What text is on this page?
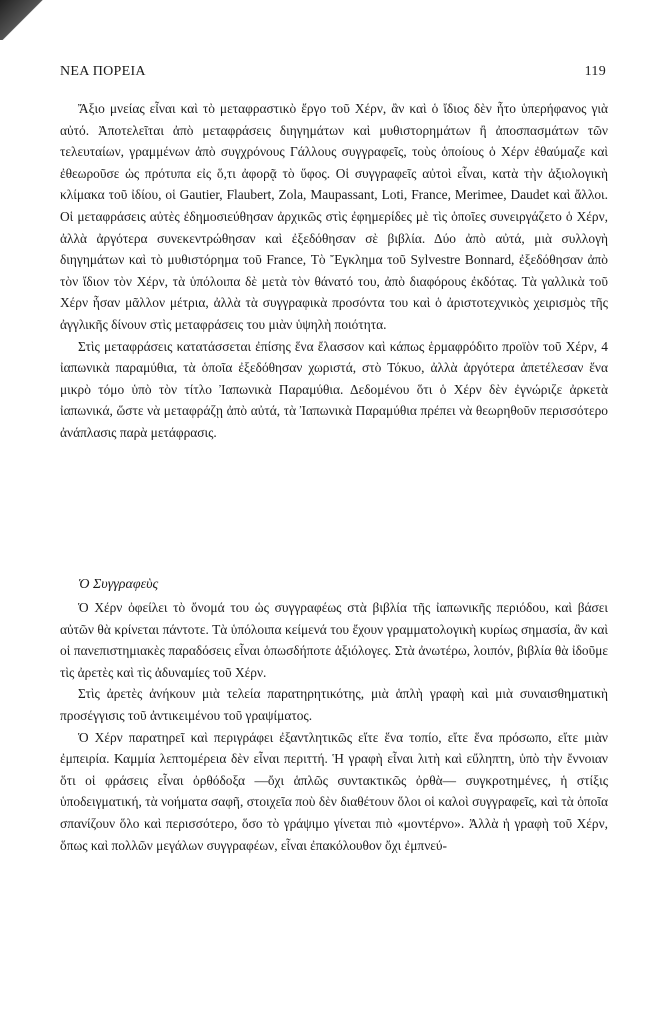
ΝΕΑ ΠΟΡΕΙΑ	119

Ἄξιο μνείας εἶναι καὶ τὸ μεταφραστικὸ ἔργο τοῦ Χέρν, ἂν καὶ ὁ ἴδιος δὲν ἦτο ὑπερήφανος γιὰ αὐτό. Ἀποτελεῖται ἀπὸ μεταφράσεις διηγημάτων καὶ μυθιστορημάτων ἢ ἀποσπασμάτων τῶν τελευταίων, γραμμένων ἀπὸ συγχρόνους Γάλλους συγγραφεῖς, τοὺς ὁποίους ὁ Χέρν ἐθαύμαζε καὶ ἐθεωροῦσε ὡς πρότυπα εἰς ὅ,τι ἀφορᾷ τὸ ὕφος. Οἱ συγγραφεῖς αὐτοὶ εἶναι, κατὰ τὴν ἀξιολογικὴ κλίμακα τοῦ ἰδίου, οἱ Gautier, Flaubert, Zola, Maupassant, Loti, France, Merimee, Daudet καὶ ἄλλοι. Οἱ μεταφράσεις αὐτὲς ἐδημοσιεύθησαν ἀρχικῶς στὶς ἐφημερίδες μὲ τὶς ὁποῖες συνειργάζετο ὁ Χέρν, ἀλλὰ ἀργότερα συνεκεντρώθησαν καὶ ἐξεδόθησαν σὲ βιβλία. Δύο ἀπὸ αὐτά, μιὰ συλλογὴ διηγημάτων καὶ τὸ μυθιστόρημα τοῦ France, Τὸ Ἔγκλημα τοῦ Sylvestre Bonnard, ἐξεδόθησαν ἀπὸ τὸν ἴδιον τὸν Χέρν, τὰ ὑπόλοιπα δὲ μετὰ τὸν θάνατό του, ἀπὸ διαφόρους ἐκδότας. Τὰ γαλλικὰ τοῦ Χέρν ἦσαν μᾶλλον μέτρια, ἀλλὰ τὰ συγγραφικὰ προσόντα του καὶ ὁ ἀριστοτεχνικὸς χειρισμὸς τῆς ἀγγλικῆς δίνουν στὶς μεταφράσεις του μιὰν ὑψηλὴ ποιότητα.

Στὶς μεταφράσεις κατατάσσεται ἐπίσης ἕνα ἔλασσον καὶ κάπως ἑρμαφρόδιτο προϊὸν τοῦ Χέρν, 4 ἰαπωνικὰ παραμύθια, τὰ ὁποῖα ἐξεδόθησαν χωριστά, στὸ Τόκυο, ἀλλὰ ἀργότερα ἀπετέλεσαν ἕνα μικρὸ τόμο ὑπὸ τὸν τίτλο Ἰαπωνικὰ Παραμύθια. Δεδομένου ὅτι ὁ Χέρν δὲν ἐγνώριζε ἀρκετὰ ἰαπωνικά, ὥστε νὰ μεταφράζῃ ἀπὸ αὐτά, τὰ Ἰαπωνικὰ Παραμύθια πρέπει νὰ θεωρηθοῦν περισσότερο ἀνάπλασις παρὰ μετάφρασις.

Ὁ Συγγραφεὺς

Ὁ Χέρν ὀφείλει τὸ ὄνομά του ὡς συγγραφέως στὰ βιβλία τῆς ἰαπωνικῆς περιόδου, καὶ βάσει αὐτῶν θὰ κρίνεται πάντοτε. Τὰ ὑπόλοιπα κείμενά του ἔχουν γραμματολογικὴ κυρίως σημασία, ἂν καὶ οἱ πανεπιστημιακὲς παραδόσεις εἶναι ὁπωσδήποτε ἀξιόλογες. Στὰ ἀνωτέρω, λοιπόν, βιβλία θὰ ἰδοῦμε τὶς ἀρετὲς καὶ τὶς ἀδυναμίες τοῦ Χέρν.

Στὶς ἀρετὲς ἀνήκουν μιὰ τελεία παρατηρητικότης, μιὰ ἁπλὴ γραφὴ καὶ μιὰ συναισθηματικὴ προσέγγισις τοῦ ἀντικειμένου τοῦ γραψίματος.

Ὁ Χέρν παρατηρεῖ καὶ περιγράφει ἐξαντλητικῶς εἴτε ἕνα τοπίο, εἴτε ἕνα πρόσωπο, εἴτε μιὰν ἐμπειρία. Καμμία λεπτομέρεια δὲν εἶναι περιττή. Ἡ γραφὴ εἶναι λιτὴ καὶ εὔληπτη, ὑπὸ τὴν ἔννοιαν ὅτι οἱ φράσεις εἶναι ὀρθόδοξα —ὄχι ἁπλῶς συντακτικῶς ὀρθὰ— συγκροτημένες, ἡ στίξις ὑποδειγματική, τὰ νοήματα σαφῆ, στοιχεῖα ποὺ δὲν διαθέτουν ὅλοι οἱ καλοὶ συγγραφεῖς, καὶ τὰ ὁποῖα σπανίζουν ὅλο καὶ περισσότερο, ὅσο τὸ γράψιμο γίνεται πιὸ «μοντέρνο». Ἀλλὰ ἡ γραφὴ τοῦ Χέρν, ὅπως καὶ πολλῶν μεγάλων συγγραφέων, εἶναι ἐπακόλουθον ὄχι ἐμπνεύ-
